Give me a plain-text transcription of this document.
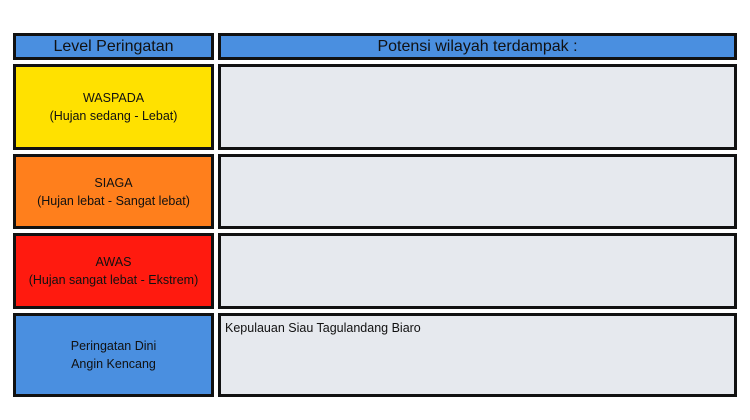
Level Peringatan	Potensi wilayah terdampak :
WASPADA
(Hujan sedang - Lebat)
SIAGA
(Hujan lebat - Sangat lebat)
AWAS
(Hujan sangat lebat - Ekstrem)
Peringatan Dini
Angin Kencang
Kepulauan Siau Tagulandang Biaro
